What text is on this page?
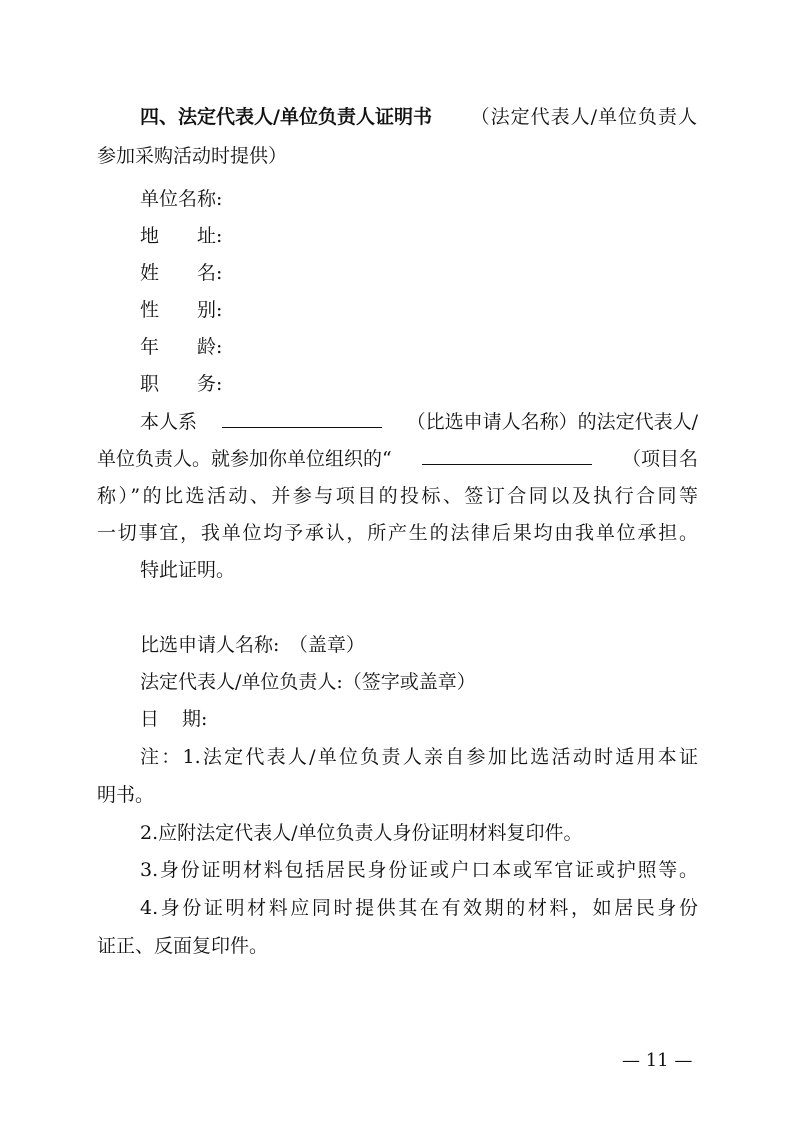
四、法定代表人/单位负责人证明书 （法定代表人/单位负责人
参加采购活动时提供）
单位名称:
地 址:
姓 名:
性 别:
年 龄:
职 务:
本人系	（比选申请人名称）的法定代表人/
单位负责人。就参加你单位组织的“	（项目名
称）”的比选活动、并参与项目的投标、签订合同以及执行合同等
一切事宜，我单位均予承认，所产生的法律后果均由我单位承担。
特此证明。
比选申请人名称:　（盖章）
法定代表人/单位负责人:（签字或盖章）
日 期:
注：1.法定代表人/单位负责人亲自参加比选活动时适用本证
明书。
2.应附法定代表人/单位负责人身份证明材料复印件。
3.身份证明材料包括居民身份证或户口本或军官证或护照等。
4.身份证明材料应同时提供其在有效期的材料，如居民身份
证正、反面复印件。
— 11 —
